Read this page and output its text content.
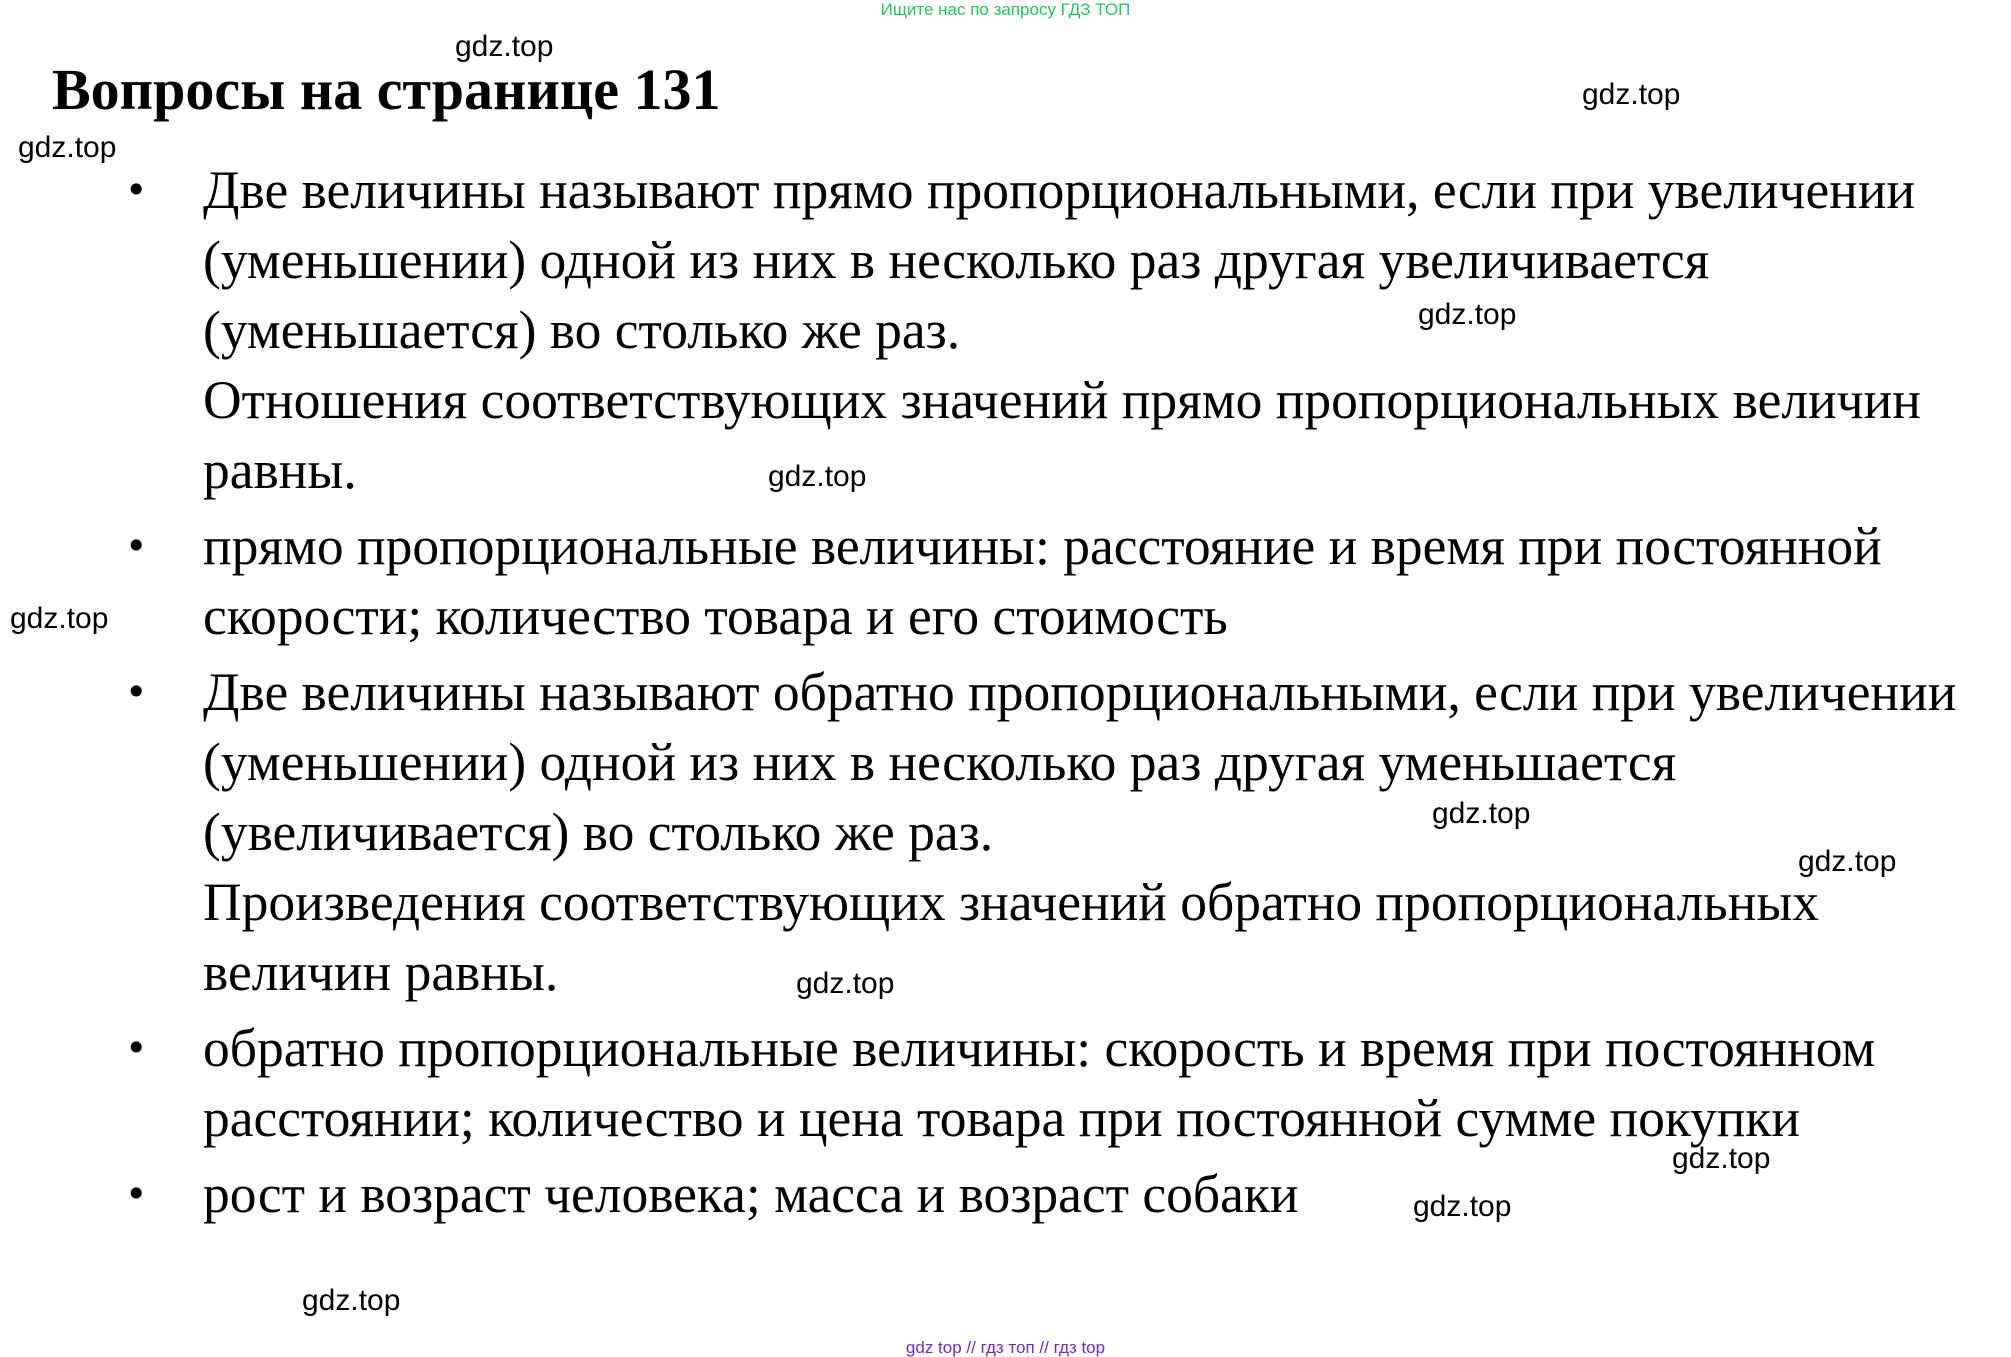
Ищите нас по запросу ГДЗ ТОП
Вопросы на странице 131
• Две величины называют прямо пропорциональными, если при увеличении (уменьшении) одной из них в несколько раз другая увеличивается (уменьшается) во столько же раз.
Отношения соответствующих значений прямо пропорциональных величин равны.
• прямо пропорциональные величины: расстояние и время при постоянной скорости; количество товара и его стоимость
• Две величины называют обратно пропорциональными, если при увеличении (уменьшении) одной из них в несколько раз другая уменьшается (увеличивается) во столько же раз.
Произведения соответствующих значений обратно пропорциональных величин равны.
• обратно пропорциональные величины: скорость и время при постоянном расстоянии; количество и цена товара при постоянной сумме покупки
• рост и возраст человека; масса и возраст собаки
gdz.top
gdz.top
gdz.top
gdz.top
gdz.top
gdz.top
gdz.top
gdz.top
gdz.top
gdz.top
gdz.top
gdz.top
gdz top // гдз топ // гдз top
